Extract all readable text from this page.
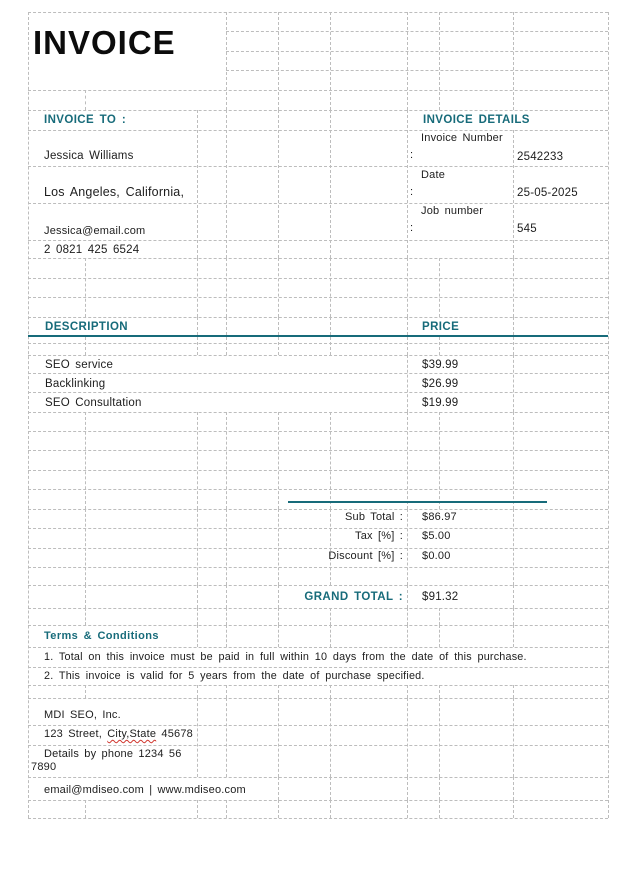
INVOICE
INVOICE TO :
Jessica Williams
Los Angeles, California,
Jessica@email.com
2 0821 425 6524
INVOICE DETAILS
Invoice Number
:	2542233
Date
:	25-05-2025
Job number
:	545
DESCRIPTION	PRICE
SEO service	$39.99
Backlinking	$26.99
SEO Consultation	$19.99
Sub Total : $86.97
Tax [%] : $5.00
Discount [%] : $0.00
GRAND TOTAL : $91.32
Terms & Conditions
1. Total on this invoice must be paid in full within 10 days from the date of this purchase.
2. This invoice is valid for 5 years from the date of purchase specified.
MDI SEO, Inc.
123 Street, City,State 45678
Details by phone 1234 56 7890
email@mdiseo.com | www.mdiseo.com
